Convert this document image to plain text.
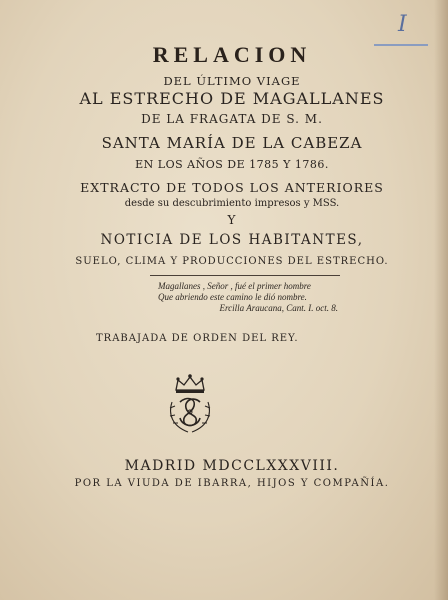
I
RELACION
DEL ÚLTIMO VIAGE
AL ESTRECHO DE MAGALLANES
DE LA FRAGATA DE S. M.
SANTA MARÍA DE LA CABEZA
EN LOS AÑOS DE 1785 Y 1786.
EXTRACTO DE TODOS LOS ANTERIORES
desde su descubrimiento impresos y MSS.
Y
NOTICIA DE LOS HABITANTES,
SUELO, CLIMA Y PRODUCCIONES DEL ESTRECHO.
Magallanes , Señor , fué el primer hombre
Que abriendo este camino le dió nombre.
Ercilla Araucana, Cant. I. oct. 8.
TRABAJADA DE ORDEN DEL REY.
MADRID MDCCLXXXVIII.
POR LA VIUDA DE IBARRA, HIJOS Y COMPAÑÍA.
